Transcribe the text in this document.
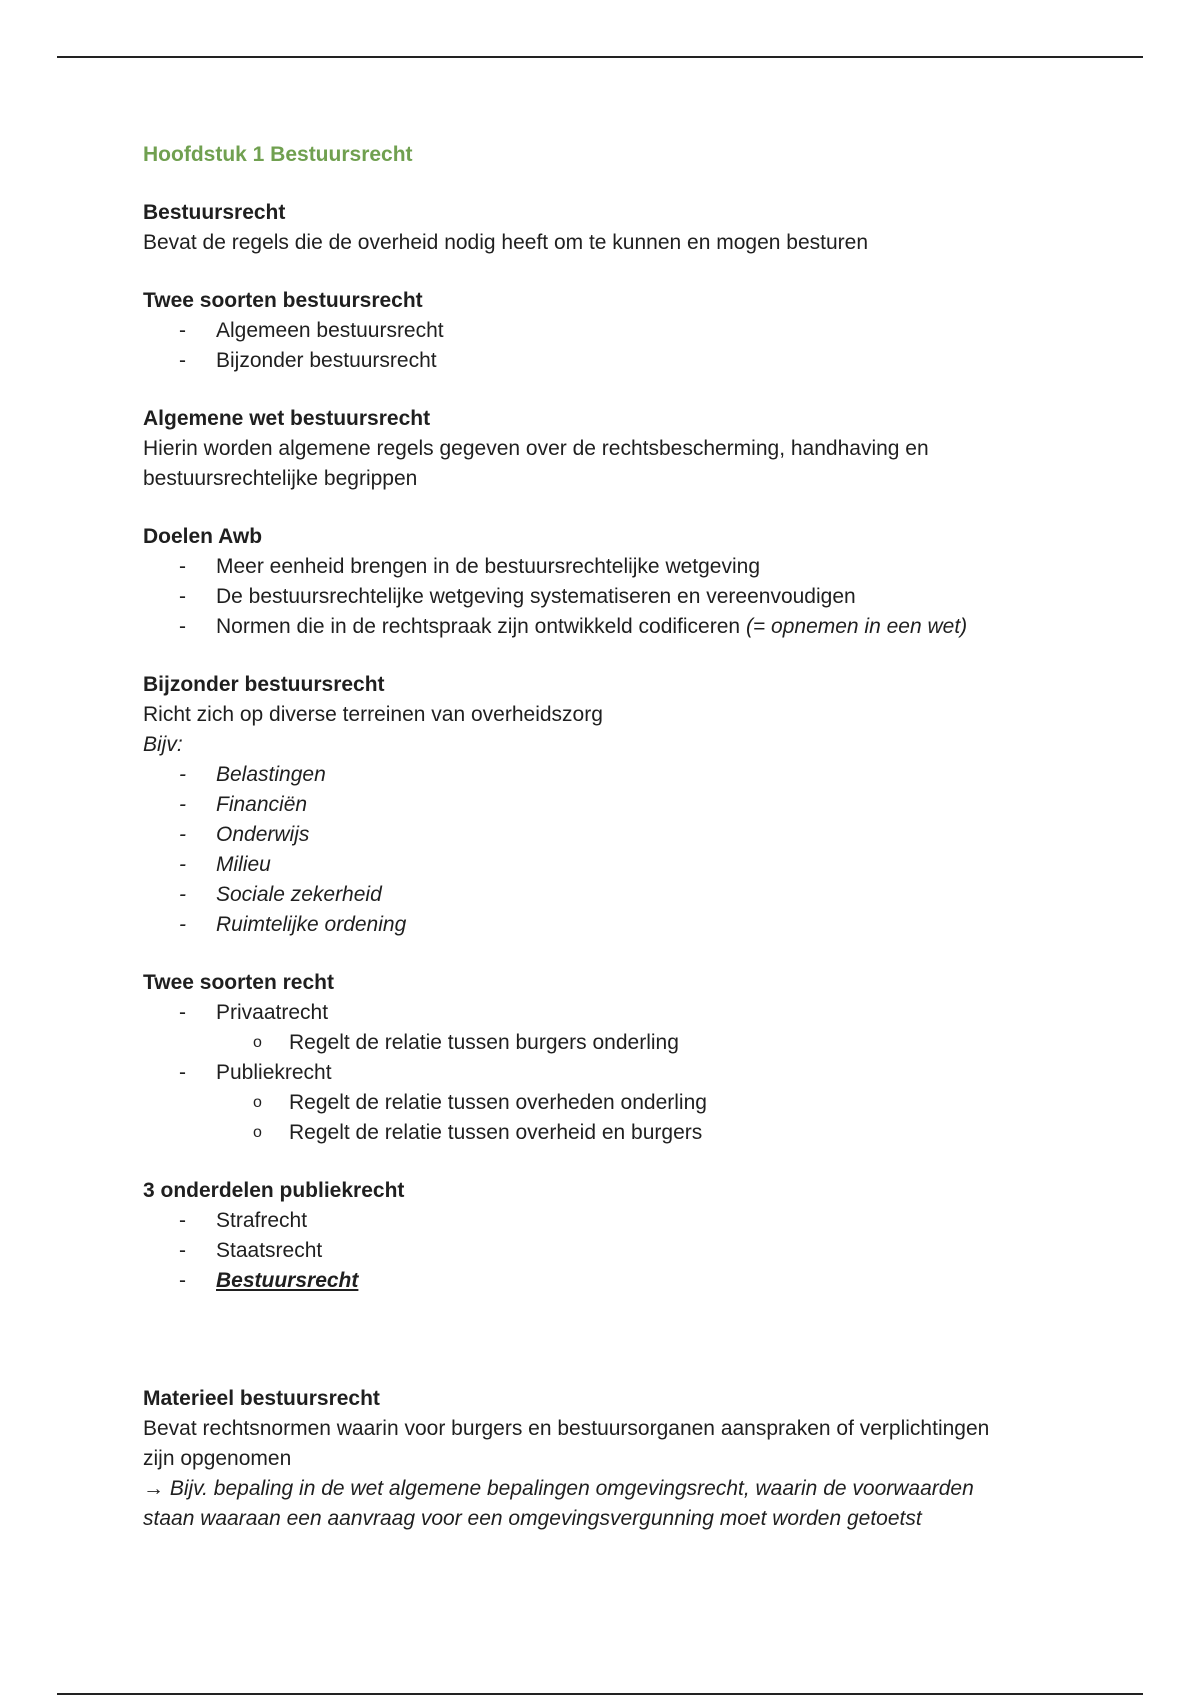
Hoofdstuk 1 Bestuursrecht

Bestuursrecht

Bevat de regels die de overheid nodig heeft om te kunnen en mogen besturen

Twee soorten bestuursrecht

- Algemeen bestuursrecht
- Bijzonder bestuursrecht

Algemene wet bestuursrecht

Hierin worden algemene regels gegeven over de rechtsbescherming, handhaving en

bestuursrechtelijke begrippen

Doelen Awb

- Meer eenheid brengen in de bestuursrechtelijke wetgeving
- De bestuursrechtelijke wetgeving systematiseren en vereenvoudigen
- Normen die in de rechtspraak zijn ontwikkeld codificeren (= opnemen in een wet)

Bijzonder bestuursrecht

Richt zich op diverse terreinen van overheidszorg

Bijv:

- Belastingen
- Financiën
- Onderwijs
- Milieu
- Sociale zekerheid
- Ruimtelijke ordening

Twee soorten recht

- Privaatrecht
o Regelt de relatie tussen burgers onderling
- Publiekrecht
o Regelt de relatie tussen overheden onderling
o Regelt de relatie tussen overheid en burgers

3 onderdelen publiekrecht

- Strafrecht
- Staatsrecht
- Bestuursrecht

Materieel bestuursrecht

Bevat rechtsnormen waarin voor burgers en bestuursorganen aanspraken of verplichtingen

zijn opgenomen

→ Bijv. bepaling in de wet algemene bepalingen omgevingsrecht, waarin de voorwaarden

staan waaraan een aanvraag voor een omgevingsvergunning moet worden getoetst
